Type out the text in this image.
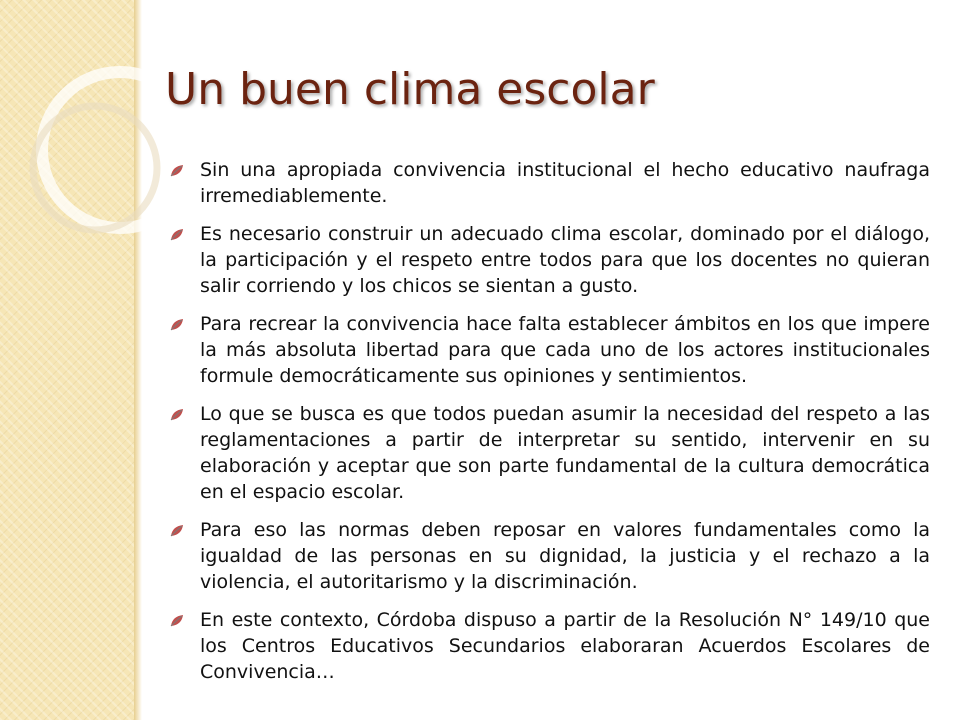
Un buen clima escolar
Sin una apropiada convivencia institucional el hecho educativo naufraga irremediablemente.
Es necesario construir un adecuado clima escolar, dominado por el diálogo, la participación y el respeto entre todos para que los docentes no quieran salir corriendo y los chicos se sientan a gusto.
Para recrear la convivencia hace falta establecer ámbitos en los que impere la más absoluta libertad para que cada uno de los actores institucionales formule democráticamente sus opiniones y sentimientos.
Lo que se busca es que todos puedan asumir la necesidad del respeto a las reglamentaciones a partir de interpretar su sentido, intervenir en su elaboración y aceptar que son parte fundamental de la cultura democrática en el espacio escolar.
Para eso las normas deben reposar en valores fundamentales como la igualdad de las personas en su dignidad, la justicia y el rechazo a la violencia, el autoritarismo y la discriminación.
En este contexto, Córdoba dispuso a partir de la Resolución N° 149/10 que los Centros Educativos Secundarios elaboraran Acuerdos Escolares de Convivencia…
